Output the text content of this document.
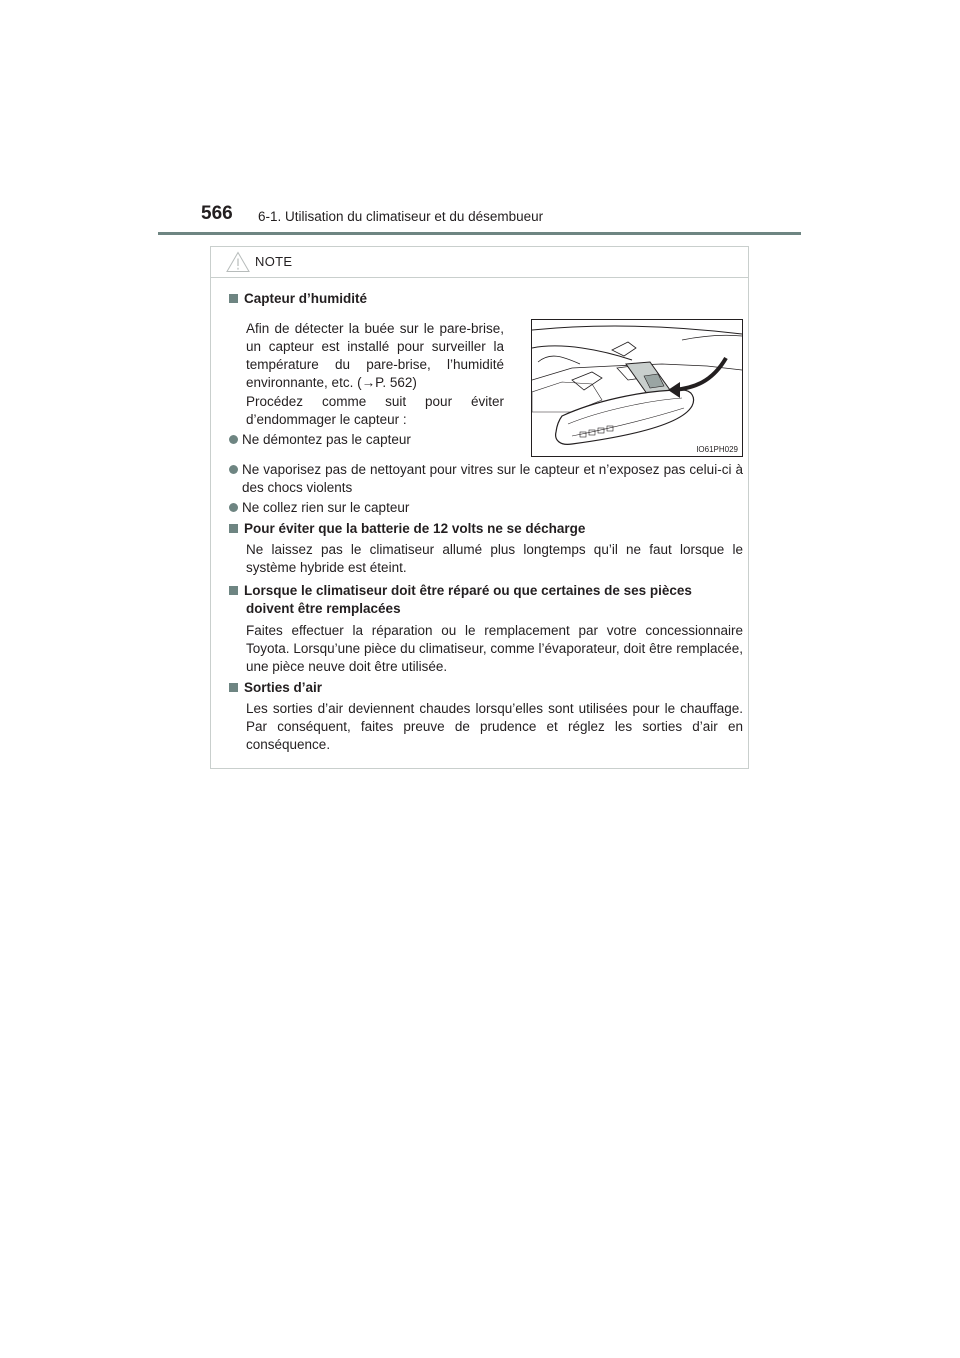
566 6-1. Utilisation du climatiseur et du désembueur
NOTE
Capteur d’humidité

Afin de détecter la buée sur le pare-brise, un capteur est installé pour surveiller la température du pare-brise, l’humidité environnante, etc. (→P. 562)

Procédez comme suit pour éviter d’endommager le capteur :

Ne démontez pas le capteur
Ne vaporisez pas de nettoyant pour vitres sur le capteur et n’exposez pas celui-ci à des chocs violents
Ne collez rien sur le capteur
IO61PH029
Pour éviter que la batterie de 12 volts ne se décharge

Ne laissez pas le climatiseur allumé plus longtemps qu’il ne faut lorsque le système hybride est éteint.

Lorsque le climatiseur doit être réparé ou que certaines de ses pièces
doivent être remplacées

Faites effectuer la réparation ou le remplacement par votre concessionnaire Toyota. Lorsqu’une pièce du climatiseur, comme l’évaporateur, doit être remplacée, une pièce neuve doit être utilisée.

Sorties d’air

Les sorties d’air deviennent chaudes lorsqu’elles sont utilisées pour le chauffage. Par conséquent, faites preuve de prudence et réglez les sorties d’air en conséquence.
